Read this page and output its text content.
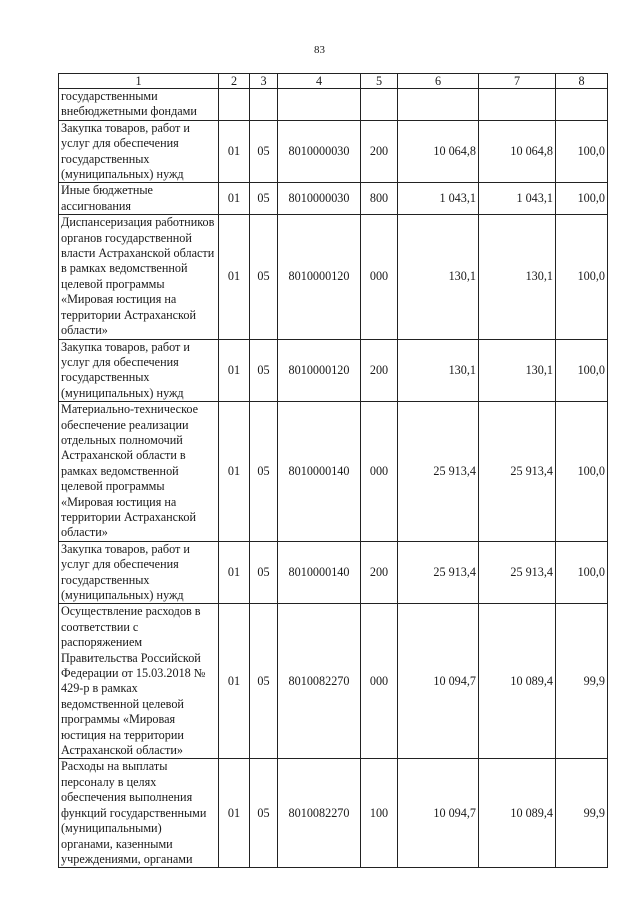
83
1	2	3	4	5	6	7	8
государственными внебюджетными фондами							
Закупка товаров, работ и услуг для обеспечения государственных (муниципальных) нужд	01	05	8010000030	200	10 064,8	10 064,8	100,0
Иные бюджетные ассигнования	01	05	8010000030	800	1 043,1	1 043,1	100,0
Диспансеризация работников органов государственной власти Астраханской области в рамках ведомственной целевой программы «Мировая юстиция на территории Астраханской области»	01	05	8010000120	000	130,1	130,1	100,0
Закупка товаров, работ и услуг для обеспечения государственных (муниципальных) нужд	01	05	8010000120	200	130,1	130,1	100,0
Материально-техническое обеспечение реализации отдельных полномочий Астраханской области в рамках ведомственной целевой программы «Мировая юстиция на территории Астраханской области»	01	05	8010000140	000	25 913,4	25 913,4	100,0
Закупка товаров, работ и услуг для обеспечения государственных (муниципальных) нужд	01	05	8010000140	200	25 913,4	25 913,4	100,0
Осуществление расходов в соответствии с распоряжением Правительства Российской Федерации от 15.03.2018 № 429-р в рамках ведомственной целевой программы «Мировая юстиция на территории Астраханской области»	01	05	8010082270	000	10 094,7	10 089,4	99,9
Расходы на выплаты персоналу в целях обеспечения выполнения функций государственными (муниципальными) органами, казенными учреждениями, органами	01	05	8010082270	100	10 094,7	10 089,4	99,9
